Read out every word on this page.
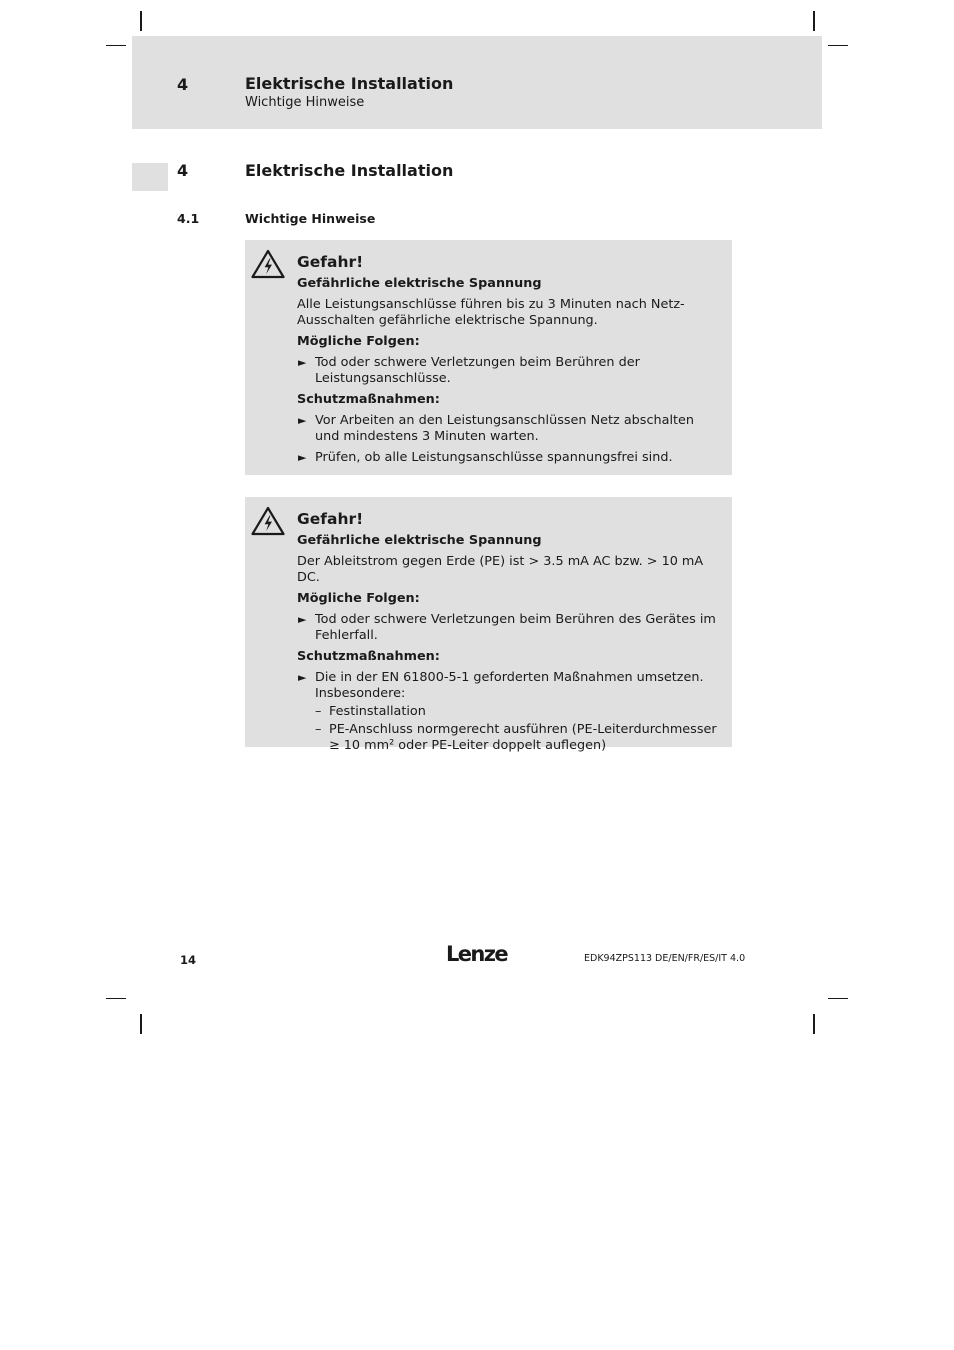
4	Elektrische Installation
Wichtige Hinweise
4	Elektrische Installation
4.1	Wichtige Hinweise
Gefahr!
Gefährliche elektrische Spannung
Alle Leistungsanschlüsse führen bis zu 3 Minuten nach Netz-Ausschalten gefährliche elektrische Spannung.
Mögliche Folgen:
► Tod oder schwere Verletzungen beim Berühren der Leistungsanschlüsse.
Schutzmaßnahmen:
► Vor Arbeiten an den Leistungsanschlüssen Netz abschalten und mindestens 3 Minuten warten.
► Prüfen, ob alle Leistungsanschlüsse spannungsfrei sind.
Gefahr!
Gefährliche elektrische Spannung
Der Ableitstrom gegen Erde (PE) ist > 3.5 mA AC bzw. > 10 mA DC.
Mögliche Folgen:
► Tod oder schwere Verletzungen beim Berühren des Gerätes im Fehlerfall.
Schutzmaßnahmen:
► Die in der EN 61800-5-1 geforderten Maßnahmen umsetzen. Insbesondere:
– Festinstallation
– PE-Anschluss normgerecht ausführen (PE-Leiterdurchmesser ≥ 10 mm² oder PE-Leiter doppelt auflegen)
14	Lenze	EDK94ZPS113 DE/EN/FR/ES/IT 4.0
